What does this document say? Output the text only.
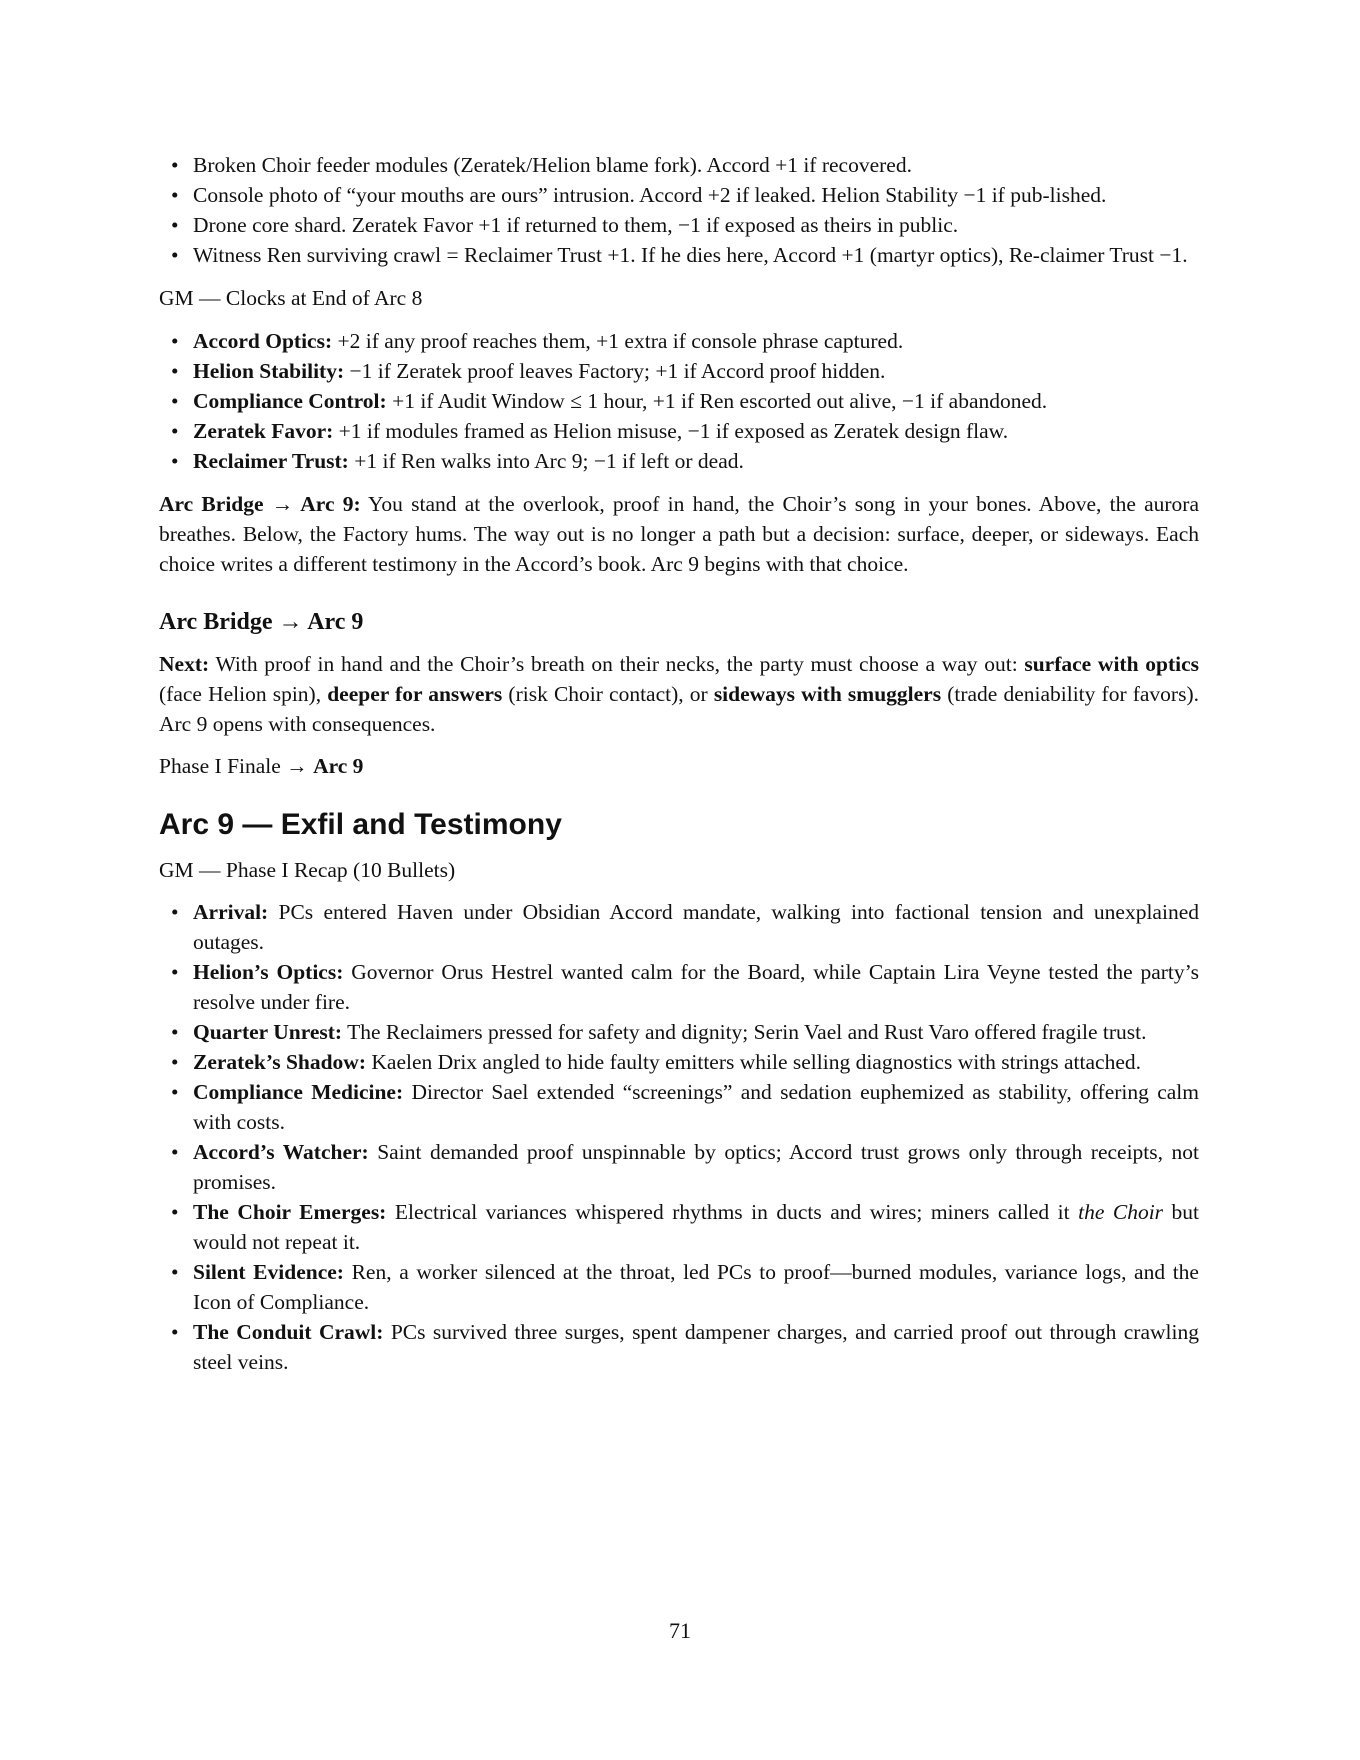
• Broken Choir feeder modules (Zeratek/Helion blame fork). Accord +1 if recovered.
• Console photo of “your mouths are ours” intrusion. Accord +2 if leaked. Helion Stability −1 if pub-lished.
• Drone core shard. Zeratek Favor +1 if returned to them, −1 if exposed as theirs in public.
• Witness Ren surviving crawl = Reclaimer Trust +1. If he dies here, Accord +1 (martyr optics), Re-claimer Trust −1.

GM — Clocks at End of Arc 8

• Accord Optics: +2 if any proof reaches them, +1 extra if console phrase captured.
• Helion Stability: −1 if Zeratek proof leaves Factory; +1 if Accord proof hidden.
• Compliance Control: +1 if Audit Window ≤ 1 hour, +1 if Ren escorted out alive, −1 if abandoned.
• Zeratek Favor: +1 if modules framed as Helion misuse, −1 if exposed as Zeratek design flaw.
• Reclaimer Trust: +1 if Ren walks into Arc 9; −1 if left or dead.

Arc Bridge → Arc 9: You stand at the overlook, proof in hand, the Choir’s song in your bones. Above, the aurora breathes. Below, the Factory hums. The way out is no longer a path but a decision: surface, deeper, or sideways. Each choice writes a different testimony in the Accord’s book. Arc 9 begins with that choice.

Arc Bridge → Arc 9

Next: With proof in hand and the Choir’s breath on their necks, the party must choose a way out: surface with optics (face Helion spin), deeper for answers (risk Choir contact), or sideways with smugglers (trade deniability for favors). Arc 9 opens with consequences.

Phase I Finale → Arc 9

Arc 9 — Exfil and Testimony

GM — Phase I Recap (10 Bullets)

• Arrival: PCs entered Haven under Obsidian Accord mandate, walking into factional tension and unexplained outages.
• Helion’s Optics: Governor Orus Hestrel wanted calm for the Board, while Captain Lira Veyne tested the party’s resolve under fire.
• Quarter Unrest: The Reclaimers pressed for safety and dignity; Serin Vael and Rust Varo offered fragile trust.
• Zeratek’s Shadow: Kaelen Drix angled to hide faulty emitters while selling diagnostics with strings attached.
• Compliance Medicine: Director Sael extended “screenings” and sedation euphemized as stability, offering calm with costs.
• Accord’s Watcher: Saint demanded proof unspinnable by optics; Accord trust grows only through receipts, not promises.
• The Choir Emerges: Electrical variances whispered rhythms in ducts and wires; miners called it the Choir but would not repeat it.
• Silent Evidence: Ren, a worker silenced at the throat, led PCs to proof—burned modules, variance logs, and the Icon of Compliance.
• The Conduit Crawl: PCs survived three surges, spent dampener charges, and carried proof out through crawling steel veins.
71
